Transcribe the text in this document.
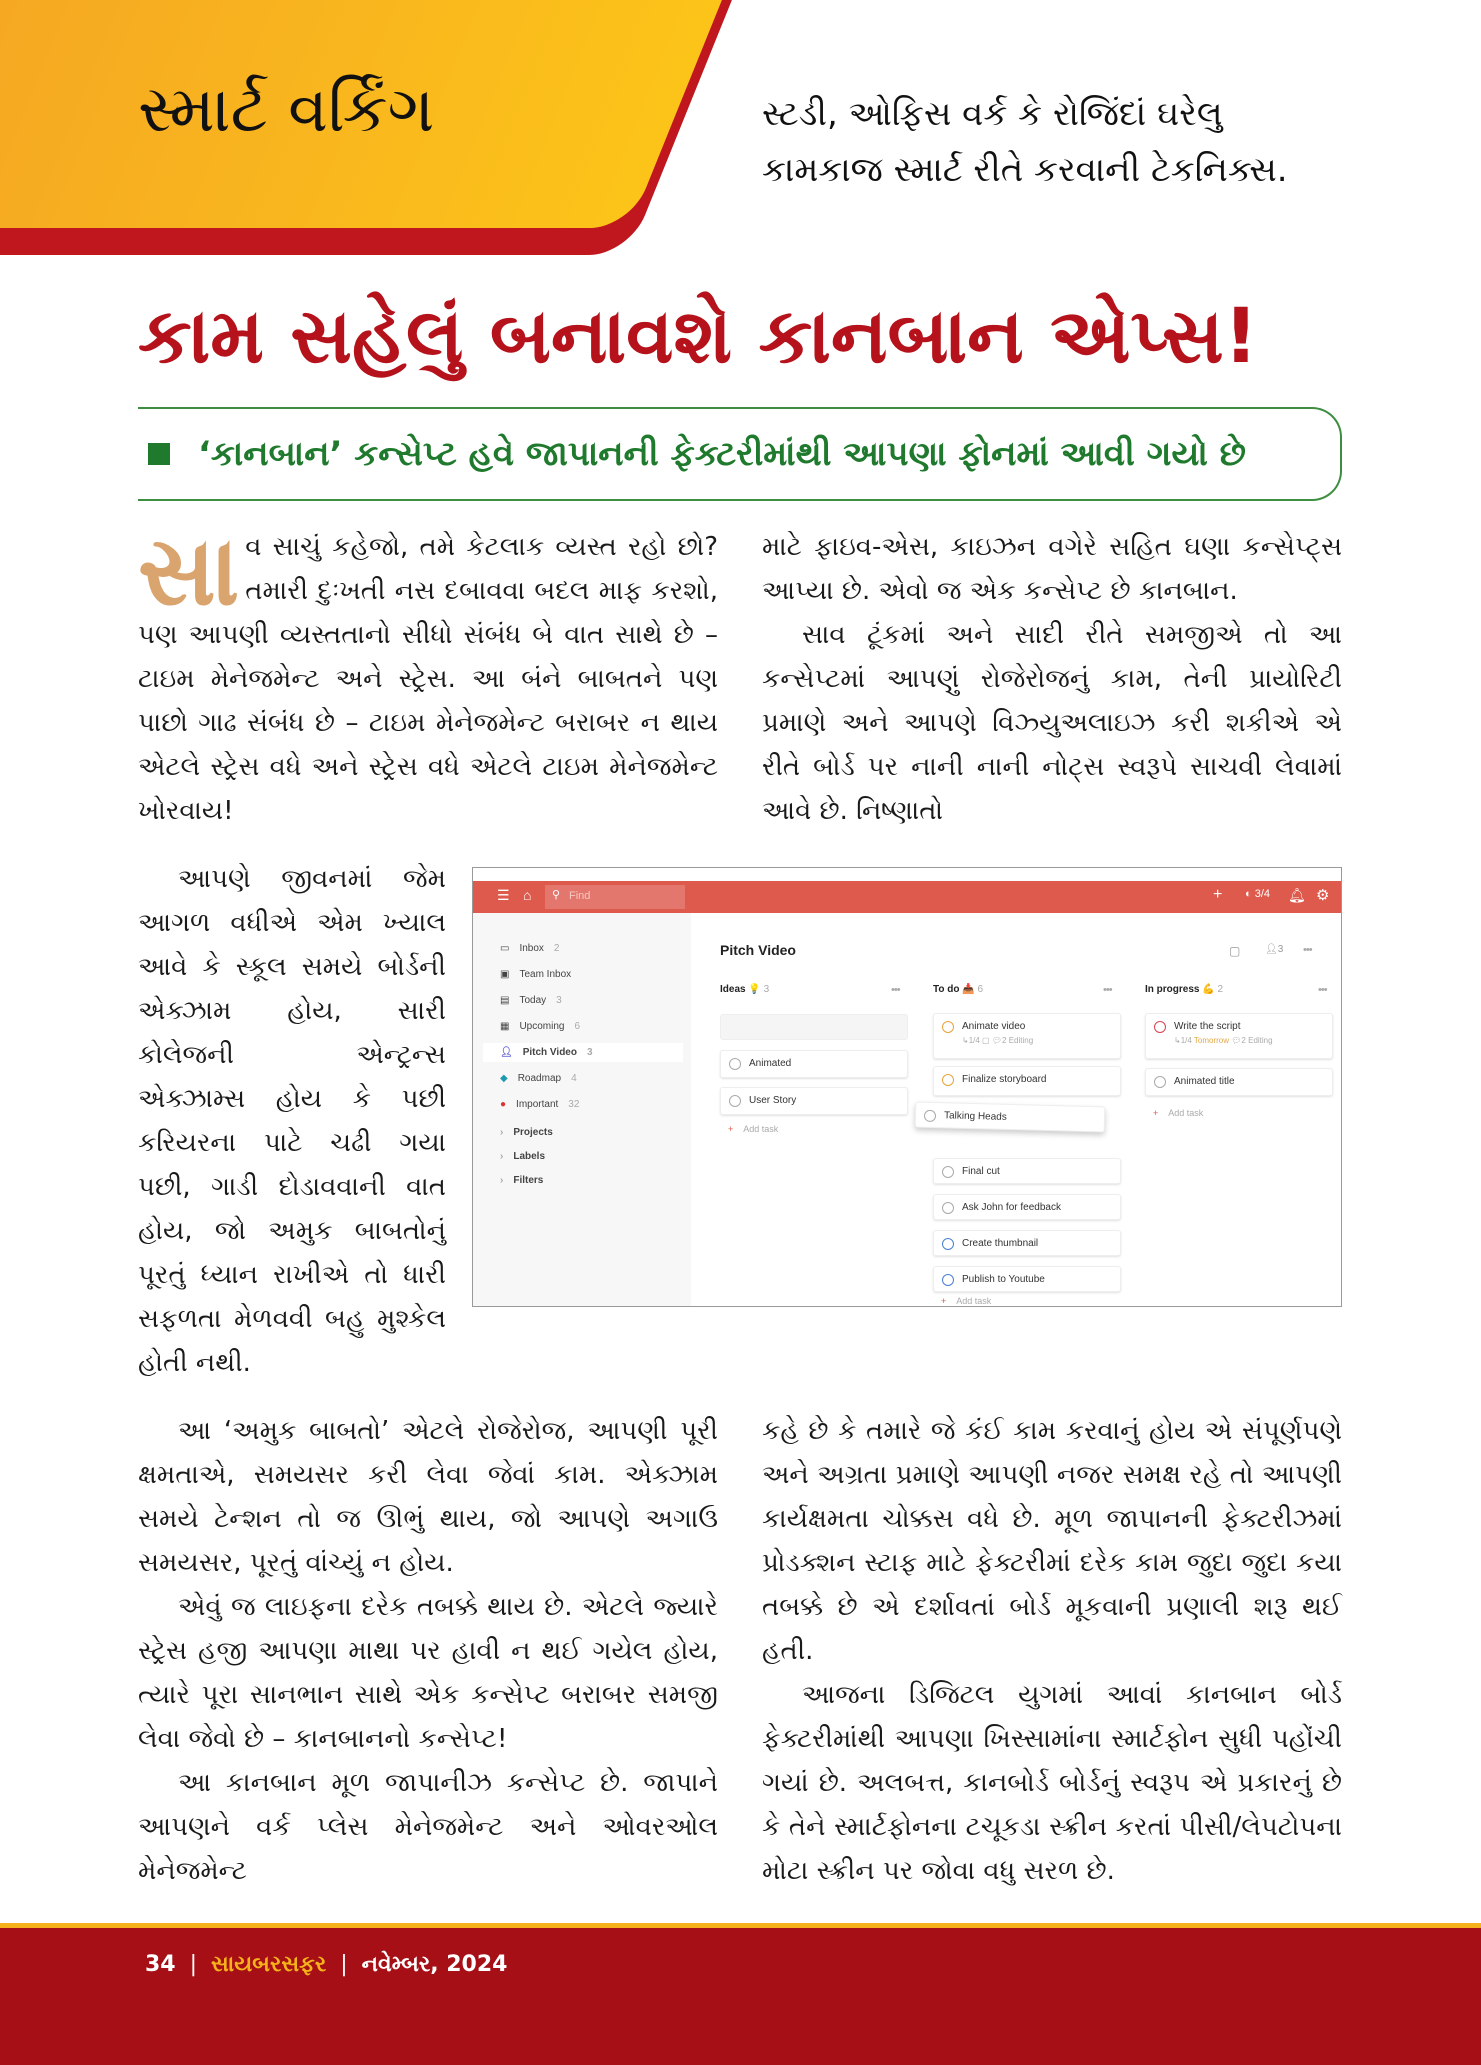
સ્માર્ટ વર્કિંગ	સ્ટડી, ઓફિસ વર્ક કે રોજિંદાં ઘરેલુ કામકાજ સ્માર્ટ રીતે કરવાની ટેકનિક્સ.
કામ સહેલું બનાવશે કાનબાન એપ્સ!
‘કાનબાન’ કન્સેપ્ટ હવે જાપાનની ફેક્ટરીમાંથી આપણા ફોનમાં આવી ગયો છે
સા વ સાચું કહેજો, તમે કેટલાક વ્યસ્ત રહો છો? તમારી દુઃખતી નસ દબાવવા બદલ માફ કરશો, પણ આપણી વ્યસ્તતાનો સીધો સંબંધ બે વાત સાથે છે – ટાઇમ મેનેજમેન્ટ અને સ્ટ્રેસ. આ બંને બાબતને પણ પાછો ગાઢ સંબંધ છે – ટાઇમ મેનેજમેન્ટ બરાબર ન થાય એટલે સ્ટ્રેસ વધે અને સ્ટ્રેસ વધે એટલે ટાઇમ મેનેજમેન્ટ ખોરવાય!

માટે ફાઇવ-એસ, કાઇઝન વગેરે સહિત ઘણા કન્સેપ્ટ્સ આપ્યા છે. એવો જ એક કન્સેપ્ટ છે કાનબાન.

સાવ ટૂંકમાં અને સાદી રીતે સમજીએ તો આ કન્સેપ્ટમાં આપણું રોજેરોજનું કામ, તેની પ્રાયોરિટી પ્રમાણે અને આપણે વિઝ્યુઅલાઇઝ કરી શકીએ એ રીતે બોર્ડ પર નાની નાની નોટ્સ સ્વરૂપે સાચવી લેવામાં આવે છે. નિષ્ણાતો

આપણે જીવનમાં જેમ આગળ વધીએ એમ ખ્યાલ આવે કે સ્કૂલ સમયે બોર્ડની એક્ઝામ હોય, સારી કોલેજની એન્ટ્રન્સ એક્ઝામ્સ હોય કે પછી કરિયરના પાટે ચઢી ગયા પછી, ગાડી દોડાવવાની વાત હોય, જો અમુક બાબતોનું પૂરતું ધ્યાન રાખીએ તો ધારી સફળતા મેળવવી બહુ મુશ્કેલ હોતી નથી.

☰ ⌂ ⚲ Find	+ ◐ 3/4 🔔︎ ⚙
▭ Inbox 2
▣ Team Inbox
▤ Today 3
▦ Upcoming 6
👤︎ Pitch Video 3
◆ Roadmap 4
● Important 32
› Projects
› Labels
› Filters
Pitch Video	▢ 👤︎3 •••
Ideas 💡 3	•••
Animated
User Story
+ Add task
To do 📥 6	•••
Animate video
↳1/4 ▢ 💬︎2 Editing
Finalize storyboard
Talking Heads
Final cut
Ask John for feedback
Create thumbnail
Publish to Youtube
+ Add task
In progress 💪 2	•••
Write the script
↳1/4 Tomorrow 💬︎2 Editing
Animated title
+ Add task

આ ‘અમુક બાબતો’ એટલે રોજેરોજ, આપણી પૂરી ક્ષમતાએ, સમયસર કરી લેવા જેવાં કામ. એક્ઝામ સમયે ટેન્શન તો જ ઊભું થાય, જો આપણે અગાઉ સમયસર, પૂરતું વાંચ્યું ન હોય.

એવું જ લાઇફના દરેક તબક્કે થાય છે. એટલે જ્યારે સ્ટ્રેસ હજી આપણા માથા પર હાવી ન થઈ ગયેલ હોય, ત્યારે પૂરા સાનભાન સાથે એક કન્સેપ્ટ બરાબર સમજી લેવા જેવો છે – કાનબાનનો કન્સેપ્ટ!

આ કાનબાન મૂળ જાપાનીઝ કન્સેપ્ટ છે. જાપાને આપણને વર્ક પ્લેસ મેનેજમેન્ટ અને ઓવરઓલ મેનેજમેન્ટ

કહે છે કે તમારે જે કંઈ કામ કરવાનું હોય એ સંપૂર્ણપણે અને અગ્રતા પ્રમાણે આપણી નજર સમક્ષ રહે તો આપણી કાર્યક્ષમતા ચોક્કસ વધે છે. મૂળ જાપાનની ફેક્ટરીઝમાં પ્રોડક્શન સ્ટાફ માટે ફેક્ટરીમાં દરેક કામ જુદા જુદા કયા તબક્કે છે એ દર્શાવતાં બોર્ડ મૂકવાની પ્રણાલી શરૂ થઈ હતી.

આજના ડિજિટલ યુગમાં આવાં કાનબાન બોર્ડ ફેક્ટરીમાંથી આપણા ખિસ્સામાંના સ્માર્ટફોન સુધી પહોંચી ગયાં છે. અલબત્ત, કાનબોર્ડ બોર્ડનું સ્વરૂપ એ પ્રકારનું છે કે તેને સ્માર્ટફોનના ટચૂકડા સ્ક્રીન કરતાં પીસી/લેપટોપના મોટા સ્ક્રીન પર જોવા વધુ સરળ છે.

34 | સાયબરસફર | નવેમ્બર, 2024
